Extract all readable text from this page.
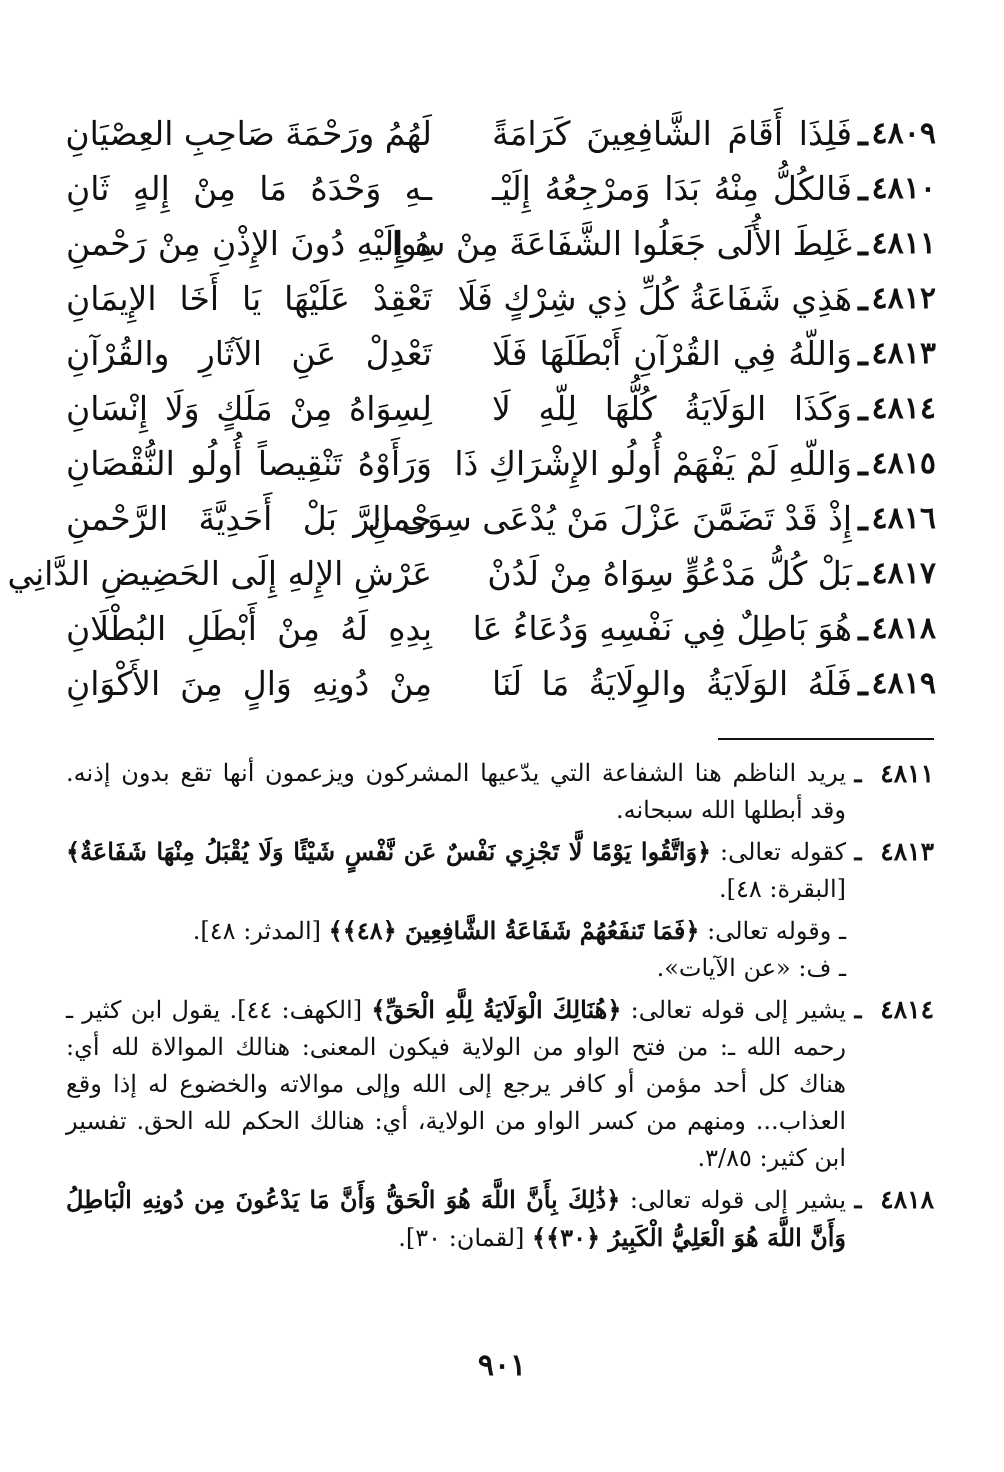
٤٨٠٩
ـ
فَلِذَا أَقَامَ الشَّافِعِينَ كَرَامَةً
لَهُمُ ورَحْمَةَ صَاحِبِ العِصْيَانِ
٤٨١٠
ـ
فَالكُلُّ مِنْهُ بَدَا وَمرْجِعُهُ إِلَيْـ
ـهِ وَحْدَهُ مَا مِنْ إِلهٍ ثَانِ
٤٨١١
ـ
غَلِطَ الأُلَى جَعَلُوا الشَّفَاعَةَ مِنْ سِوا
هُ إِلَيْهِ دُونَ الإِذْنِ مِنْ رَحْمنِ
٤٨١٢
ـ
هَذِي شَفَاعَةُ كُلِّ ذِي شِرْكٍ فَلَا
تَعْقِدْ عَلَيْهَا يَا أَخَا الإِيمَانِ
٤٨١٣
ـ
وَاللّهُ فِي القُرْآنِ أَبْطَلَهَا فَلَا
تَعْدِلْ عَنِ الآثَارِ والقُرْآنِ
٤٨١٤
ـ
وَكَذَا الوَلَايَةُ كُلُّهَا لِلّهِ لَا
لِسِوَاهُ مِنْ مَلَكٍ وَلَا إِنْسَانِ
٤٨١٥
ـ
وَاللّهِ لَمْ يَفْهَمْ أُولُو الإِشْرَاكِ ذَا
وَرَأَوْهُ تَنْقِيصاً أُولُو النُّقْصَانِ
٤٨١٦
ـ
إِذْ قَدْ تَضَمَّنَ عَزْلَ مَنْ يُدْعَى سِوَى الرَّ
حْمنِ بَلْ أَحَدِيَّةَ الرَّحْمنِ
٤٨١٧
ـ
بَلْ كُلُّ مَدْعُوٍّ سِوَاهُ مِنْ لَدُنْ
عَرْشِ الإِلهِ إِلَى الحَضِيضِ الدَّانِي
٤٨١٨
ـ
هُوَ بَاطِلٌ فِي نَفْسِهِ وَدُعَاءُ عَا
بِدِهِ لَهُ مِنْ أَبْطَلِ البُطْلَانِ
٤٨١٩
ـ
فَلَهُ الوَلَايَةُ والوِلَايَةُ مَا لَنَا
مِنْ دُونِهِ وَالٍ مِنَ الأَكْوَانِ
٤٨١١
ـ
يريد الناظم هنا الشفاعة التي يدّعيها المشركون ويزعمون أنها تقع بدون إذنه. وقد أبطلها الله سبحانه.
٤٨١٣
ـ
كقوله تعالى: ﴿وَاتَّقُوا يَوْمًا لَّا تَجْزِي نَفْسٌ عَن نَّفْسٍ شَيْئًا وَلَا يُقْبَلُ مِنْهَا شَفَاعَةٌ﴾ [البقرة: ٤٨].
ـ وقوله تعالى: ﴿فَمَا تَنفَعُهُمْ شَفَاعَةُ الشَّافِعِينَ ﴿٤٨﴾﴾ [المدثر: ٤٨].
ـ ف: «عن الآيات».
٤٨١٤
ـ
يشير إلى قوله تعالى: ﴿هُنَالِكَ الْوَلَايَةُ لِلَّهِ الْحَقِّ﴾ [الكهف: ٤٤]. يقول ابن كثير ـ رحمه الله ـ: من فتح الواو من الولاية فيكون المعنى: هنالك الموالاة لله أي: هناك كل أحد مؤمن أو كافر يرجع إلى الله وإلى موالاته والخضوع له إذا وقع العذاب... ومنهم من كسر الواو من الولاية، أي: هنالك الحكم لله الحق. تفسير ابن كثير: ٣/٨٥.
٤٨١٨
ـ
يشير إلى قوله تعالى: ﴿ذَٰلِكَ بِأَنَّ اللَّهَ هُوَ الْحَقُّ وَأَنَّ مَا يَدْعُونَ مِن دُونِهِ الْبَاطِلُ وَأَنَّ اللَّهَ هُوَ الْعَلِيُّ الْكَبِيرُ ﴿٣٠﴾﴾ [لقمان: ٣٠].
٩٠١
